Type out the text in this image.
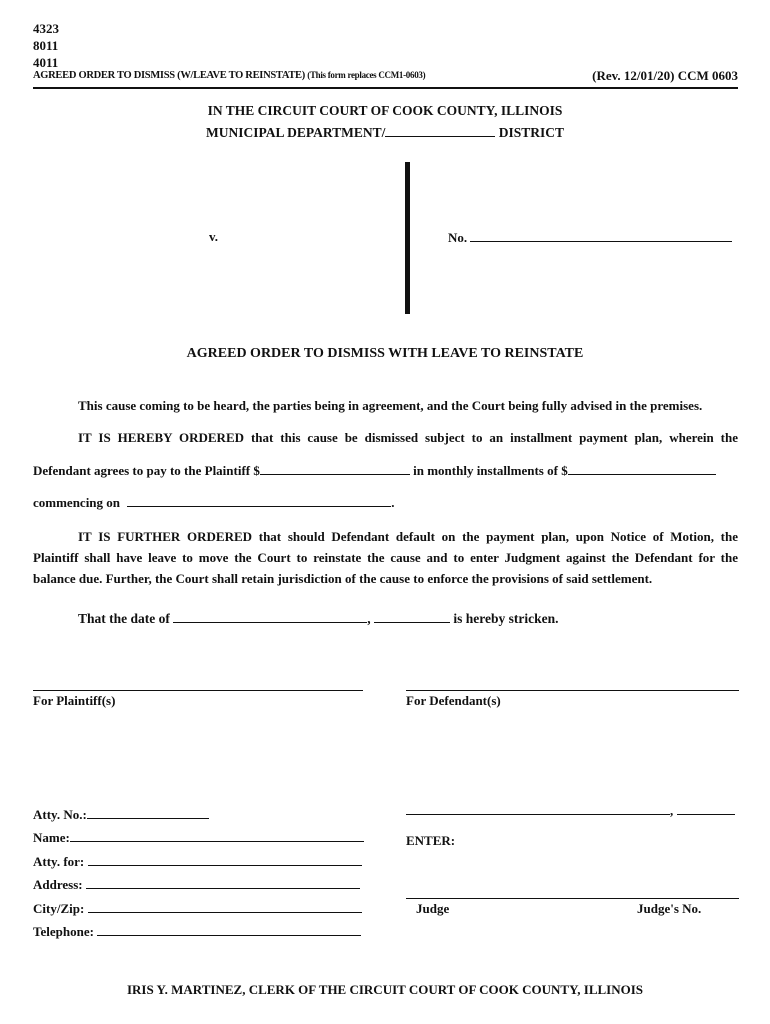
4323
8011
4011
AGREED ORDER TO DISMISS (W/LEAVE TO REINSTATE) (This form replaces CCM1-0603)	(Rev. 12/01/20) CCM 0603
IN THE CIRCUIT COURT OF COOK COUNTY, ILLINOIS
MUNICIPAL DEPARTMENT/	DISTRICT
v.	No.
AGREED ORDER TO DISMISS WITH LEAVE TO REINSTATE
This cause coming to be heard, the parties being in agreement, and the Court being fully advised in the premises.
IT IS HEREBY ORDERED that this cause be dismissed subject to an installment payment plan, wherein the
Defendant agrees to pay to the Plaintiff $	in monthly installments of $
commencing on	.
IT IS FURTHER ORDERED that should Defendant default on the payment plan, upon Notice of Motion, the
Plaintiff shall have leave to move the Court to reinstate the cause and to enter Judgment against the Defendant for the
balance due. Further, the Court shall retain jurisdiction of the cause to enforce the provisions of said settlement.
That the date of	,	is hereby stricken.
For Plaintiff(s)	For Defendant(s)
Atty. No.:
Name:
Atty. for:
Address:
City/Zip:
Telephone:
,
ENTER:
Judge	Judge's No.
IRIS Y. MARTINEZ, CLERK OF THE CIRCUIT COURT OF COOK COUNTY, ILLINOIS
